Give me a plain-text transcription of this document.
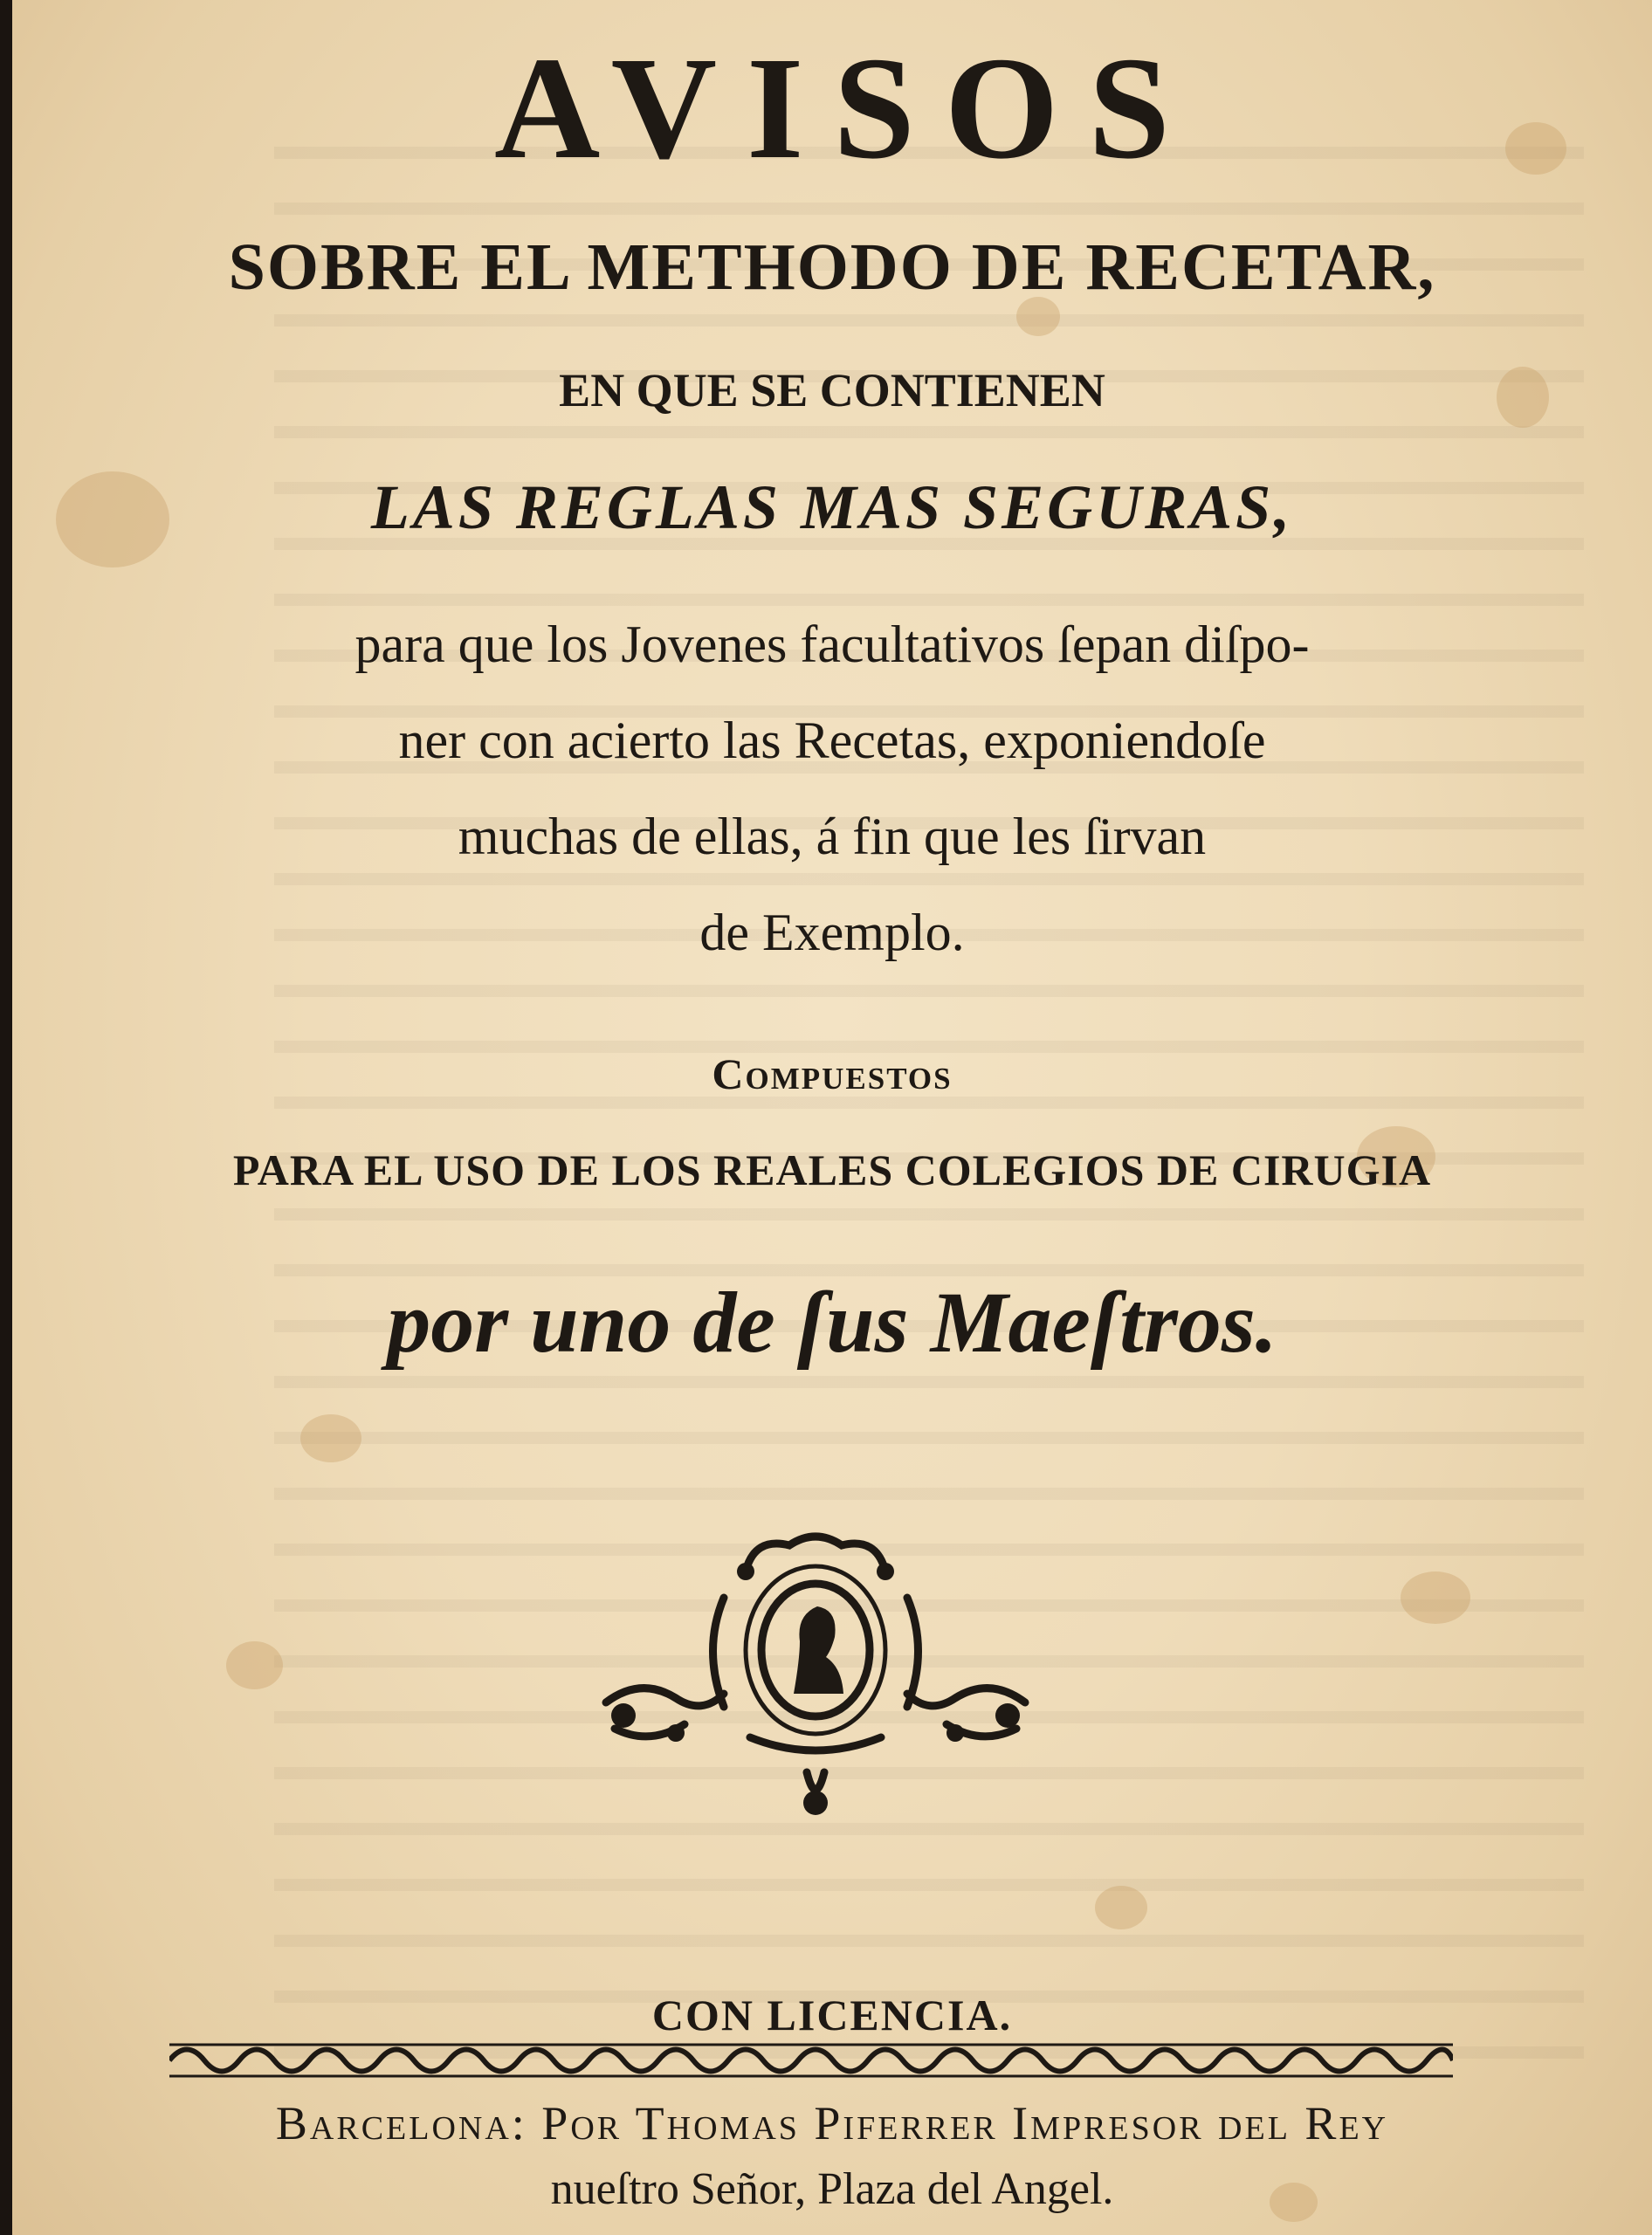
AVISOS
SOBRE EL METHODO DE RECETAR,
EN QUE SE CONTIENEN
LAS REGLAS MAS SEGURAS,
para que los Jovenes facultativos ſepan diſpo-
ner con acierto las Recetas, exponiendoſe
muchas de ellas, á fin que les ſirvan
de Exemplo.
Compuestos
PARA EL USO DE LOS REALES COLEGIOS DE CIRUGIA
por uno de ſus Maeſtros.
CON LICENCIA.
Barcelona: Por Thomas Piferrer Impreſor del Rey
nueſtro Señor, Plaza del Angel.
